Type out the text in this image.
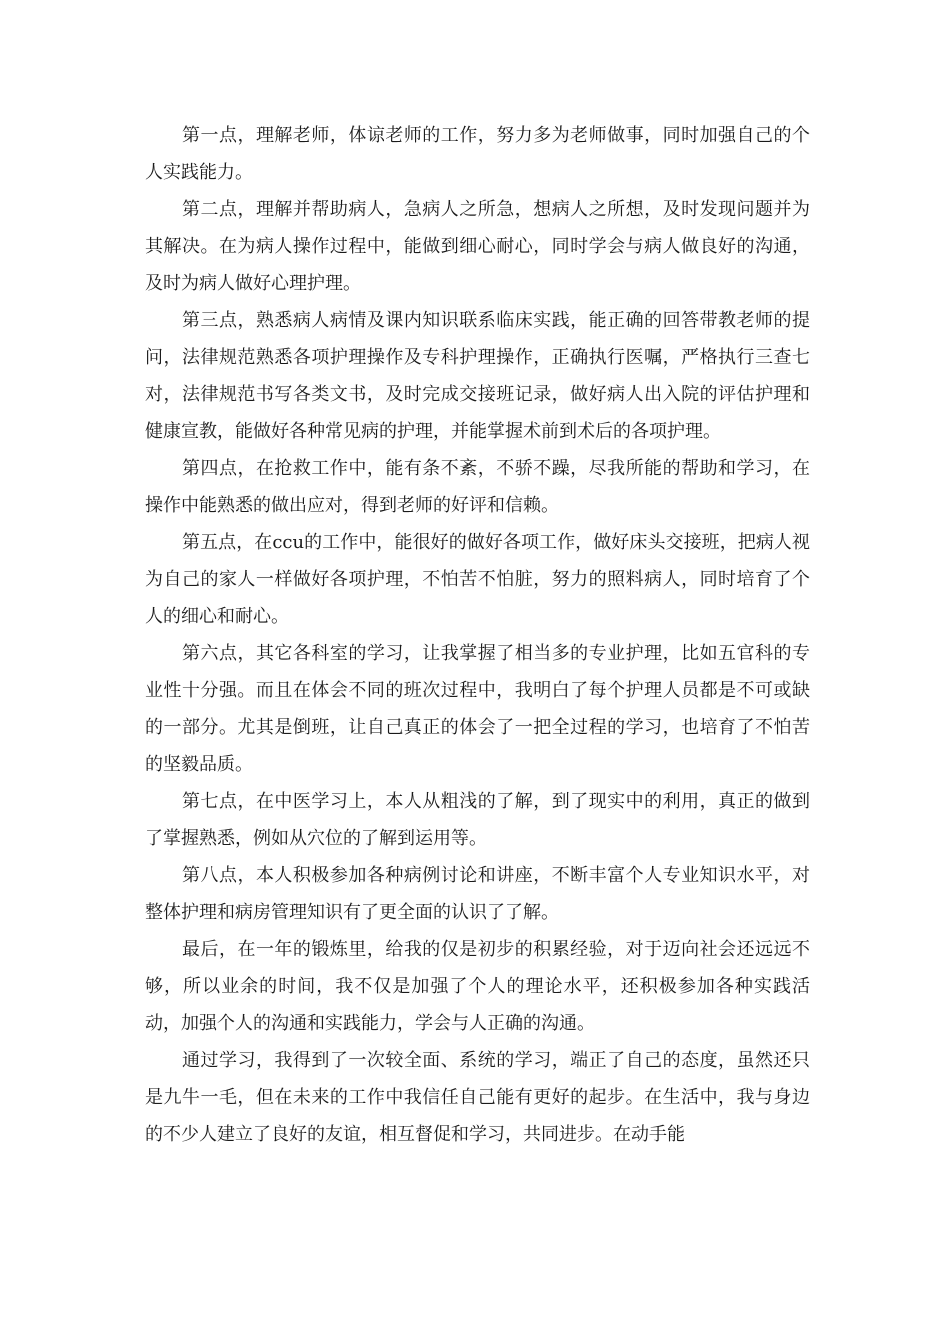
第一点，理解老师，体谅老师的工作，努力多为老师做事，同时加强自己的个人实践能力。

第二点，理解并帮助病人，急病人之所急，想病人之所想，及时发现问题并为其解决。在为病人操作过程中，能做到细心耐心，同时学会与病人做良好的沟通，及时为病人做好心理护理。

第三点，熟悉病人病情及课内知识联系临床实践，能正确的回答带教老师的提问，法律规范熟悉各项护理操作及专科护理操作，正确执行医嘱，严格执行三查七对，法律规范书写各类文书，及时完成交接班记录，做好病人出入院的评估护理和健康宣教，能做好各种常见病的护理，并能掌握术前到术后的各项护理。

第四点，在抢救工作中，能有条不紊，不骄不躁，尽我所能的帮助和学习，在操作中能熟悉的做出应对，得到老师的好评和信赖。

第五点，在ccu的工作中，能很好的做好各项工作，做好床头交接班，把病人视为自己的家人一样做好各项护理，不怕苦不怕脏，努力的照料病人，同时培育了个人的细心和耐心。

第六点，其它各科室的学习，让我掌握了相当多的专业护理，比如五官科的专业性十分强。而且在体会不同的班次过程中，我明白了每个护理人员都是不可或缺的一部分。尤其是倒班，让自己真正的体会了一把全过程的学习，也培育了不怕苦的坚毅品质。

第七点，在中医学习上，本人从粗浅的了解，到了现实中的利用，真正的做到了掌握熟悉，例如从穴位的了解到运用等。

第八点，本人积极参加各种病例讨论和讲座，不断丰富个人专业知识水平，对整体护理和病房管理知识有了更全面的认识了了解。

最后，在一年的锻炼里，给我的仅是初步的积累经验，对于迈向社会还远远不够，所以业余的时间，我不仅是加强了个人的理论水平，还积极参加各种实践活动，加强个人的沟通和实践能力，学会与人正确的沟通。

通过学习，我得到了一次较全面、系统的学习，端正了自己的态度，虽然还只是九牛一毛，但在未来的工作中我信任自己能有更好的起步。在生活中，我与身边的不少人建立了良好的友谊，相互督促和学习，共同进步。在动手能
